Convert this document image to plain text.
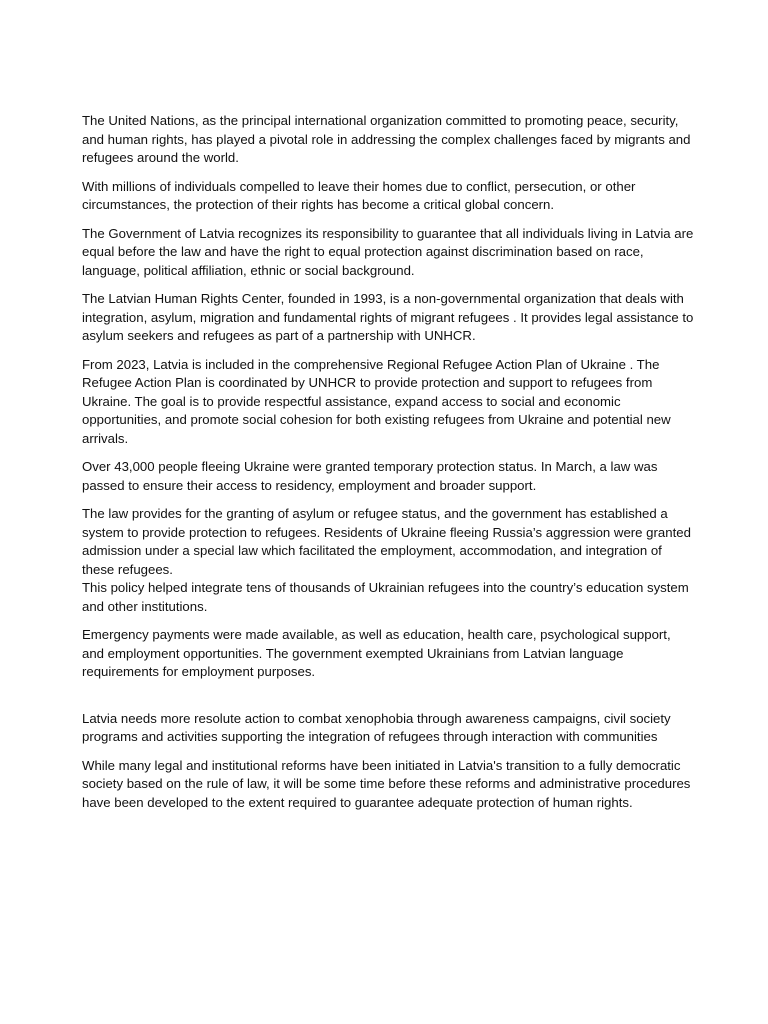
The United Nations, as the principal international organization committed to promoting peace, security, and human rights, has played a pivotal role in addressing the complex challenges faced by migrants and refugees around the world.

With millions of individuals compelled to leave their homes due to conflict, persecution, or other circumstances, the protection of their rights has become a critical global concern.

The Government of Latvia recognizes its responsibility to guarantee that all individuals living in Latvia are equal before the law and have the right to equal protection against discrimination based on race, language, political affiliation, ethnic or social background.

The Latvian Human Rights Center, founded in 1993, is a non-governmental organization that deals with integration, asylum, migration and fundamental rights of migrant refugees . It provides legal assistance to asylum seekers and refugees as part of a partnership with UNHCR.

From 2023, Latvia is included in the comprehensive Regional Refugee Action Plan of Ukraine . The Refugee Action Plan is coordinated by UNHCR to provide protection and support to refugees from Ukraine. The goal is to provide respectful assistance, expand access to social and economic opportunities, and promote social cohesion for both existing refugees from Ukraine and potential new arrivals.

Over 43,000 people fleeing Ukraine were granted temporary protection status. In March, a law was passed to ensure their access to residency, employment and broader support.

The law provides for the granting of asylum or refugee status, and the government has established a system to provide protection to refugees. Residents of Ukraine fleeing Russia’s aggression were granted admission under a special law which facilitated the employment, accommodation, and integration of these refugees.

This policy helped integrate tens of thousands of Ukrainian refugees into the country’s education system and other institutions.

Emergency payments were made available, as well as education, health care, psychological support, and employment opportunities. The government exempted Ukrainians from Latvian language requirements for employment purposes.

Latvia needs more resolute action to combat xenophobia through awareness campaigns, civil society programs and activities supporting the integration of refugees through interaction with communities

While many legal and institutional reforms have been initiated in Latvia's transition to a fully democratic society based on the rule of law, it will be some time before these reforms and administrative procedures have been developed to the extent required to guarantee adequate protection of human rights.
